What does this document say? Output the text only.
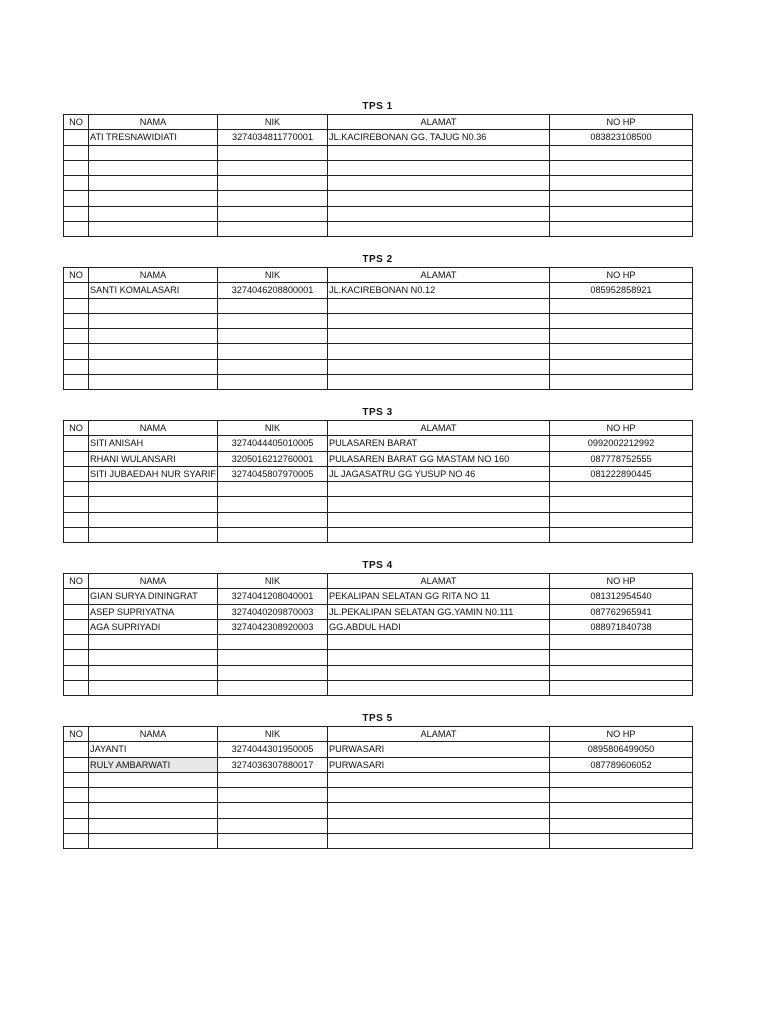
TPS 1
NO	NAMA	NIK	ALAMAT	NO HP
	ATI TRESNAWIDIATI	3274034811770001	JL.KACIREBONAN GG. TAJUG N0.36	083823108500

TPS 2
NO	NAMA	NIK	ALAMAT	NO HP
	SANTI KOMALASARI	3274046208800001	JL.KACIREBONAN N0.12	085952858921

TPS 3
NO	NAMA	NIK	ALAMAT	NO HP
	SITI ANISAH	3274044405010005	PULASAREN BARAT	0992002212992
	RHANI WULANSARI	3205016212760001	PULASAREN BARAT GG MASTAM NO 160	087778752555
	SITI JUBAEDAH NUR SYARIF	3274045807970005	JL JAGASATRU GG YUSUP NO 46	081222890445

TPS 4
NO	NAMA	NIK	ALAMAT	NO HP
	GIAN SURYA DININGRAT	3274041208040001	PEKALIPAN SELATAN GG RITA NO 11	081312954540
	ASEP SUPRIYATNA	3274040209870003	JL.PEKALIPAN SELATAN GG.YAMIN N0.111	087762965941
	AGA SUPRIYADI	3274042308920003	GG.ABDUL HADI	088971840738

TPS 5
NO	NAMA	NIK	ALAMAT	NO HP
	JAYANTI	3274044301950005	PURWASARI	0895806499050
	RULY AMBARWATI	3274036307880017	PURWASARI	087789606052
